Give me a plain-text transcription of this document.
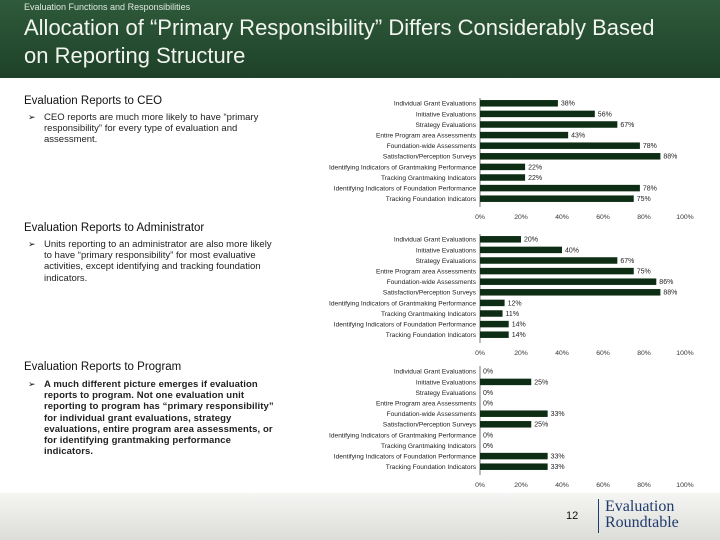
Evaluation Functions and Responsibilities
Allocation of “Primary Responsibility” Differs Considerably Based on Reporting Structure
Evaluation Reports to CEO
➢ CEO reports are much more likely to have “primary responsibility” for every type of evaluation and assessment.
Individual Grant Evaluations	38%
Initiative Evaluations	56%
Strategy Evaluations	67%
Entire Program area Assessments	43%
Foundation-wide Assessments	78%
Satisfaction/Perception Surveys	88%
Identifying Indicators of Grantmaking Performance	22%
Tracking Grantmaking Indicators	22%
Identifying Indicators of Foundation Performance	78%
Tracking Foundation Indicators	75%
0%	20%	40%	60%	80%	100%
Evaluation Reports to Administrator
➢ Units reporting to an administrator are also more likely to have “primary responsibility” for most evaluative activities, except identifying and tracking foundation indicators.
Individual Grant Evaluations	20%
Initiative Evaluations	40%
Strategy Evaluations	67%
Entire Program area Assessments	75%
Foundation-wide Assessments	86%
Satisfaction/Perception Surveys	88%
Identifying Indicators of Grantmaking Performance	12%
Tracking Grantmaking Indicators	11%
Identifying Indicators of Foundation Performance	14%
Tracking Foundation Indicators	14%
0%	20%	40%	60%	80%	100%
Evaluation Reports to Program
➢ A much different picture emerges if evaluation reports to program. Not one evaluation unit reporting to program has “primary responsibility” for individual grant evaluations, strategy evaluations, entire program area assessments, or for identifying grantmaking performance indicators.
Individual Grant Evaluations 0%
Initiative Evaluations	25%
Strategy Evaluations 0%
Entire Program area Assessments 0%
Foundation-wide Assessments	33%
Satisfaction/Perception Surveys	25%
Identifying Indicators of Grantmaking Performance 0%
Tracking Grantmaking Indicators 0%
Identifying Indicators of Foundation Performance	33%
Tracking Foundation Indicators	33%
0%	20%	40%	60%	80%	100%
12
Evaluation
Roundtable
